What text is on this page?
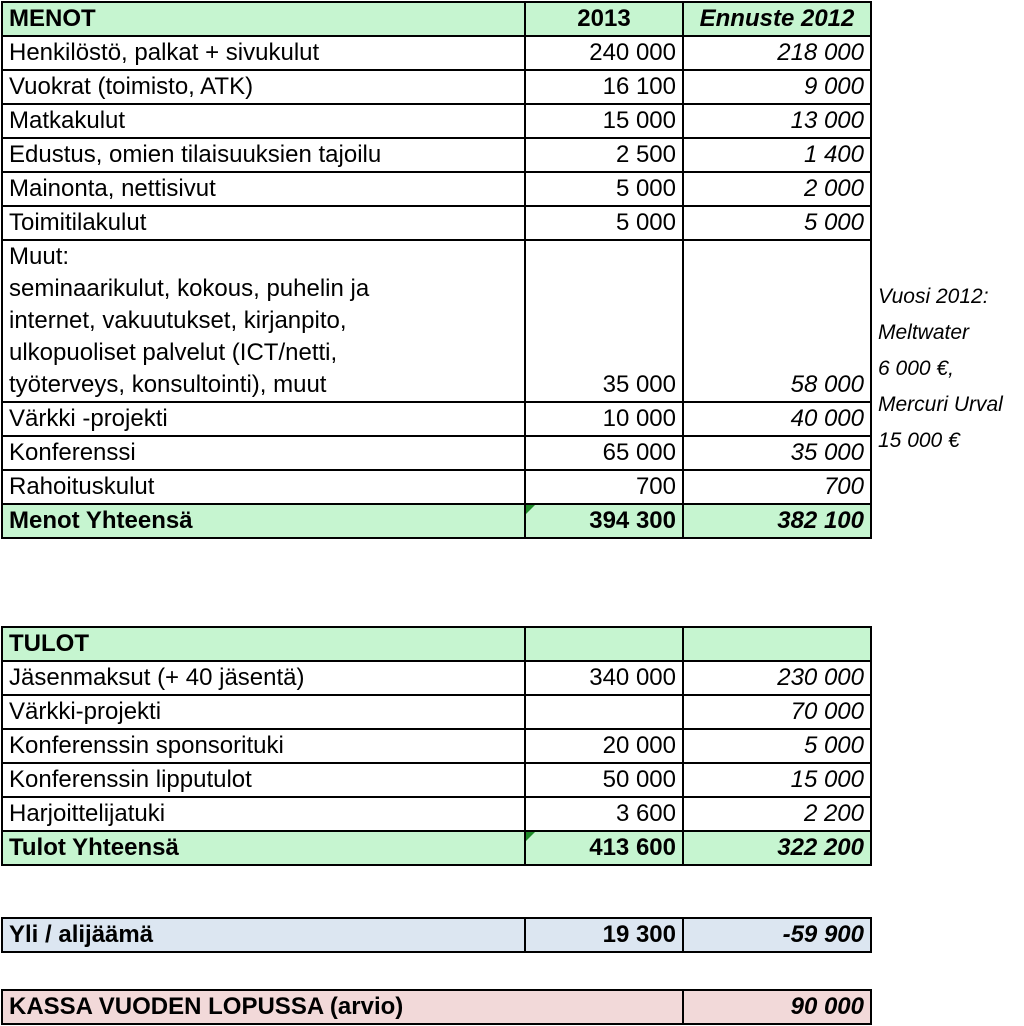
MENOT	2013	Ennuste 2012
Henkilöstö, palkat + sivukulut	240 000	218 000
Vuokrat (toimisto, ATK)	16 100	9 000
Matkakulut	15 000	13 000
Edustus, omien tilaisuuksien tajoilu	2 500	1 400
Mainonta, nettisivut	5 000	2 000
Toimitilakulut	5 000	5 000

Muut:
seminaarikulut, kokous, puhelin ja
internet, vakuutukset, kirjanpito,
ulkopuoliset palvelut (ICT/netti,
työterveys, konsultointi), muut	35 000	58 000
Värkki -projekti	10 000	40 000
Konferenssi	65 000	35 000
Rahoituskulut	700	700
Menot Yhteensä	394 300	382 100
Vuosi 2012:
Meltwater
6 000 €,
Mercuri Urval
15 000 €
TULOT		
Jäsenmaksut (+ 40 jäsentä)	340 000	230 000
Värkki-projekti		70 000
Konferenssin sponsorituki	20 000	5 000
Konferenssin lipputulot	50 000	15 000
Harjoittelijatuki	3 600	2 200
Tulot Yhteensä	413 600	322 200
Yli / alijäämä	19 300	-59 900
KASSA VUODEN LOPUSSA (arvio)	90 000
